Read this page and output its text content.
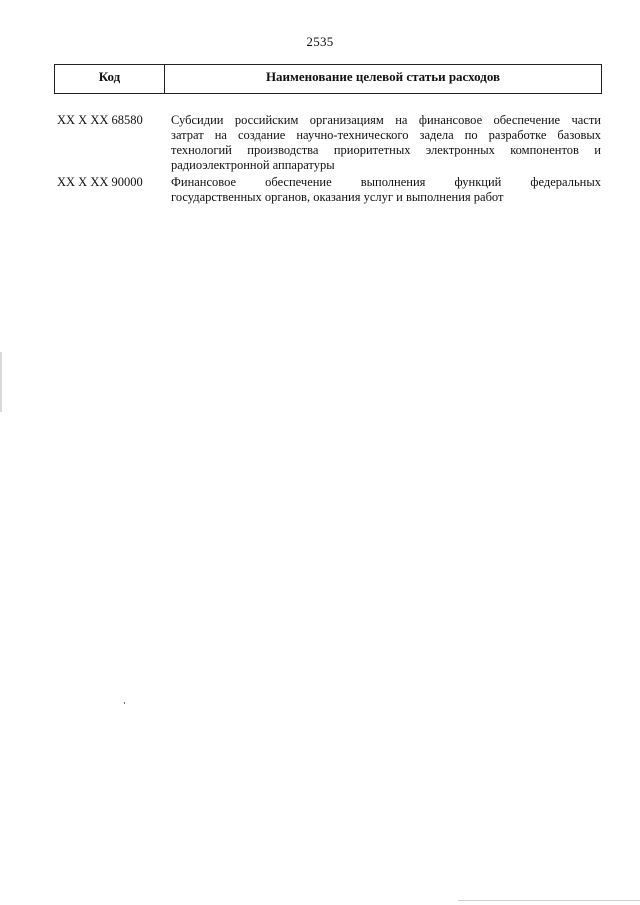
2535
Код	Наименование целевой статьи расходов
XX X XX 68580	Субсидии российским организациям на финансовое обеспечение части
затрат на создание научно-технического задела по разработке базовых
технологий производства приоритетных электронных компонентов и
радиоэлектронной аппаратуры
XX X XX 90000	Финансовое обеспечение выполнения функций федеральных
государственных органов, оказания услуг и выполнения работ
